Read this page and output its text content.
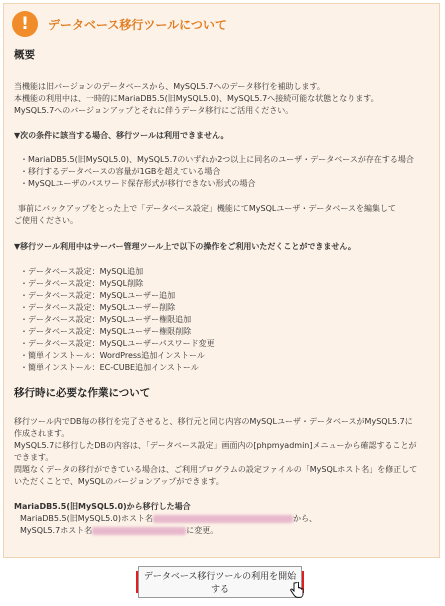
!	データベース移行ツールについて
概要
当機能は旧バージョンのデータベースから、MySQL5.7へのデータ移行を補助します。
本機能の利用中は、一時的にMariaDB5.5(旧MySQL5.0)、MySQL5.7へ接続可能な状態となります。
MySQL5.7へのバージョンアップとそれに伴うデータ移行にご活用ください。
▼次の条件に該当する場合、移行ツールは利用できません。
・MariaDB5.5(旧MySQL5.0)、MySQL5.7のいずれか2つ以上に同名のユーザ・データベースが存在する場合
・移行するデータベースの容量が1GBを超えている場合
・MySQLユーザのパスワード保存形式が移行できない形式の場合
事前にバックアップをとった上で「データベース設定」機能にてMySQLユーザ・データベースを編集して
ご使用ください。
▼移行ツール利用中はサーバー管理ツール上で以下の操作をご利用いただくことができません。
・データベース設定：MySQL追加
・データベース設定：MySQL削除
・データベース設定：MySQLユーザー追加
・データベース設定：MySQLユーザー削除
・データベース設定：MySQLユーザー権限追加
・データベース設定：MySQLユーザー権限削除
・データベース設定：MySQLユーザーパスワード変更
・簡単インストール：WordPress追加インストール
・簡単インストール：EC-CUBE追加インストール
移行時に必要な作業について
移行ツール内でDB毎の移行を完了させると、移行元と同じ内容のMySQLユーザ・データベースがMySQL5.7に
作成されます。
MySQL5.7に移行したDBの内容は、「データベース設定」画面内の[phpmyadmin]メニューから確認することが
できます。
問題なくデータの移行ができている場合は、ご利用プログラムの設定ファイルの「MySQLホスト名」を修正して
いただくことで、MySQLのバージョンアップができます。
MariaDB5.5(旧MySQL5.0)から移行した場合
MariaDB5.5(旧MySQL5.0)ホスト名	から、
MySQL5.7ホスト名	に変更。
データベース移行ツールの利用を開始する
